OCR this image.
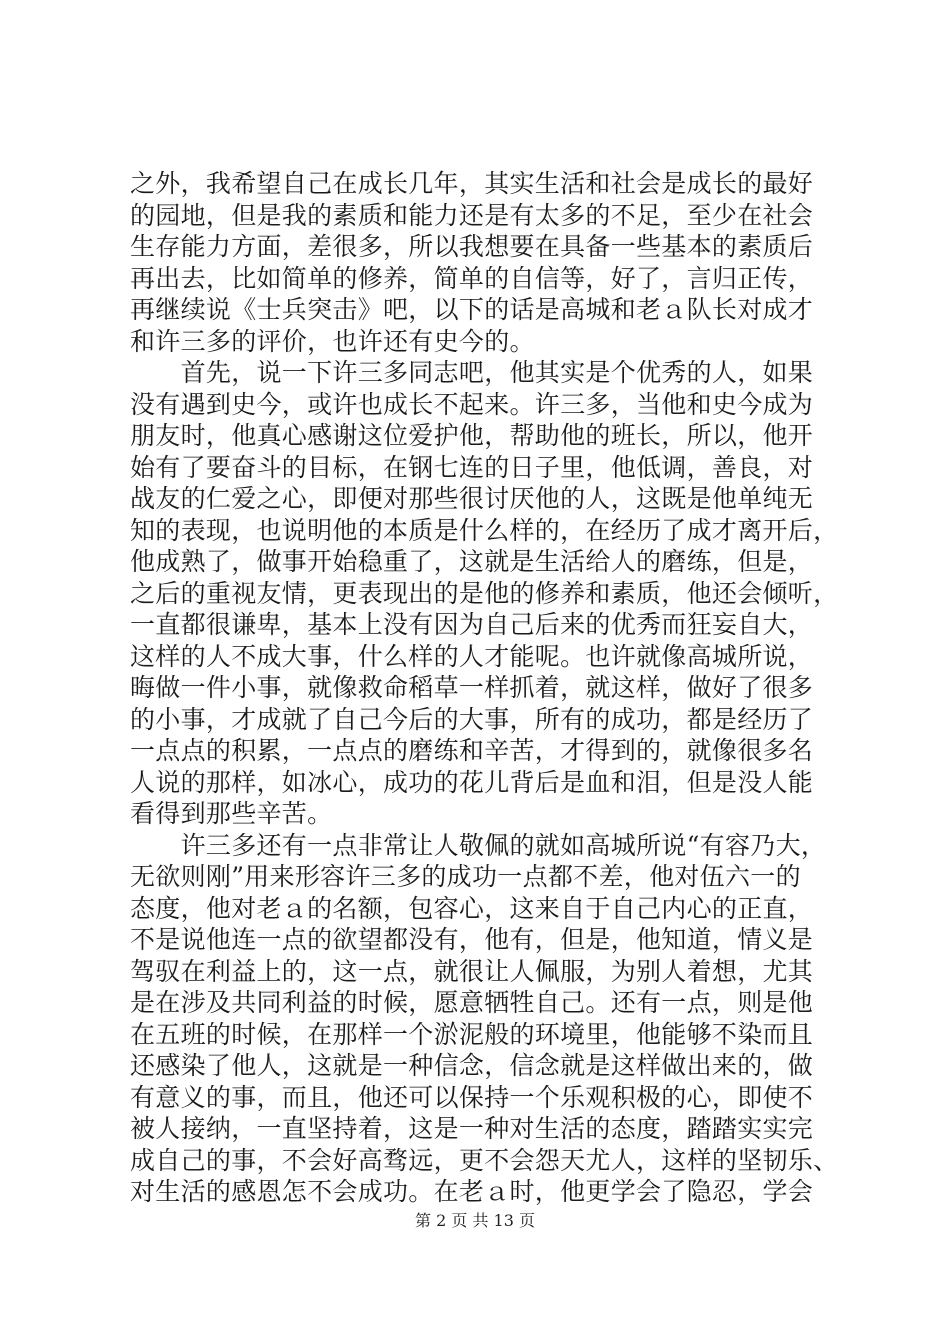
之外，我希望自己在成长几年，其实生活和社会是成长的最好
的园地，但是我的素质和能力还是有太多的不足，至少在社会
生存能力方面，差很多，所以我想要在具备一些基本的素质后
再出去，比如简单的修养，简单的自信等，好了，言归正传，
再继续说《士兵突击》吧，以下的话是高城和老ａ队长对成才
和许三多的评价，也许还有史今的。
　　首先，说一下许三多同志吧，他其实是个优秀的人，如果
没有遇到史今，或许也成长不起来。许三多，当他和史今成为
朋友时，他真心感谢这位爱护他，帮助他的班长，所以，他开
始有了要奋斗的目标，在钢七连的日子里，他低调，善良，对
战友的仁爱之心，即便对那些很讨厌他的人，这既是他单纯无
知的表现，也说明他的本质是什么样的，在经历了成才离开后，
他成熟了，做事开始稳重了，这就是生活给人的磨练，但是，
之后的重视友情，更表现出的是他的修养和素质，他还会倾听，
一直都很谦卑，基本上没有因为自己后来的优秀而狂妄自大，
这样的人不成大事，什么样的人才能呢。也许就像高城所说，
晦做一件小事，就像救命稻草一样抓着，就这样，做好了很多
的小事，才成就了自己今后的大事，所有的成功，都是经历了
一点点的积累，一点点的磨练和辛苦，才得到的，就像很多名
人说的那样，如冰心，成功的花儿背后是血和泪，但是没人能
看得到那些辛苦。
　　许三多还有一点非常让人敬佩的就如高城所说“有容乃大，
无欲则刚”用来形容许三多的成功一点都不差，他对伍六一的
态度，他对老ａ的名额，包容心，这来自于自己内心的正直，
不是说他连一点的欲望都没有，他有，但是，他知道，情义是
驾驭在利益上的，这一点，就很让人佩服，为别人着想，尤其
是在涉及共同利益的时候，愿意牺牲自己。还有一点，则是他
在五班的时候，在那样一个淤泥般的环境里，他能够不染而且
还感染了他人，这就是一种信念，信念就是这样做出来的，做
有意义的事，而且，他还可以保持一个乐观积极的心，即使不
被人接纳，一直坚持着，这是一种对生活的态度，踏踏实实完
成自己的事，不会好高骛远，更不会怨天尤人，这样的坚韧乐、
对生活的感恩怎不会成功。在老ａ时，他更学会了隐忍，学会
第 2 页 共 13 页
